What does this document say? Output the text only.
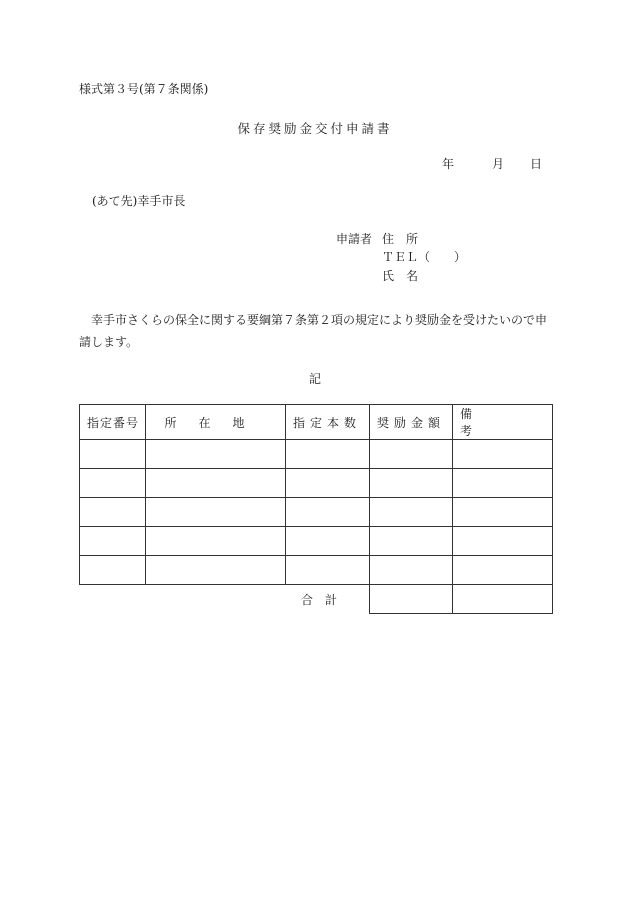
様式第３号(第７条関係)
保存奨励金交付申請書
年	月 日
(あて先)幸手市長
申請者 住　所
ＴＥＬ（　　）
氏　名
幸手市さくらの保全に関する要綱第７条第２項の規定により奨励金を受けたいので申請します。
記
指 定 番 号	所在地	指定本数	奨励金額	備考

		合計		
